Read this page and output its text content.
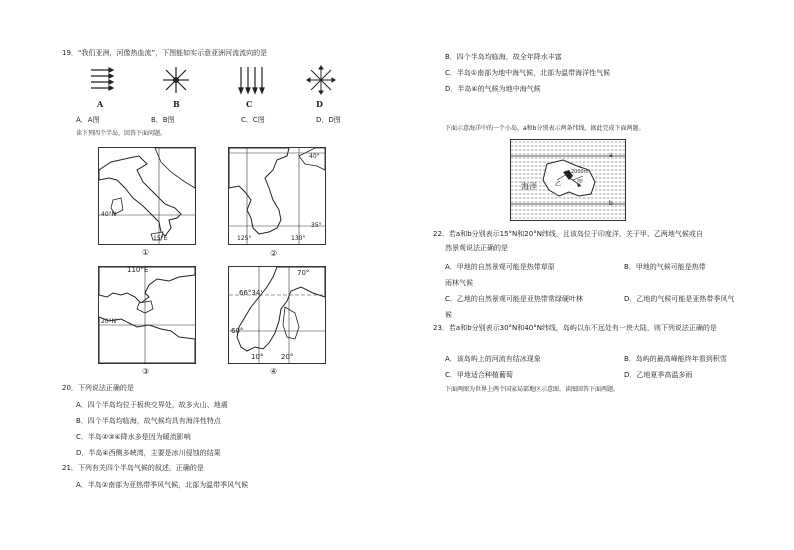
19．“我们亚洲，河像热血流”，下图能如实示意亚洲河流流向的是
A	B	C	D
A．A图	B．B图	C．C图	D．D图
读下列四个半岛，回答下面问题。
40°N
15°E
①
40°
35°
125°	130°
②
110°E
20°N
③
70°
66°34'
60°
10°	20°
④
20．下列说法正确的是
A．四个半岛均位于板块交界处，故多火山、地震
B．四个半岛均临海，故气候均具有海洋性特点
C．半岛②③④降水多是因为暖流影响
D．半岛④西侧多峡湾，主要是冰川侵蚀的结果
21．下列有关四个半岛气候的叙述，正确的是
A．半岛②南部为亚热带季风气候，北部为温带季风气候
B．四个半岛均临海，故全年降水丰富
C．半岛①南部为地中海气候，北部为温带海洋性气候
D．半岛④的气候为地中海气候
下面示意海洋中的一个小岛，a和b分别表示两条纬线。据此完成下面两题。
海洋
a
b
2000m
甲
乙
22．若a和b分别表示15°N和20°N纬线，且该岛位于印度洋，关于甲、乙两地气候或自
然景观说法正确的是
A．甲地的自然景观可能是热带草原	B．甲地的气候可能是热带
雨林气候
C．乙地的自然景观可能是亚热带常绿硬叶林	D．乙地的气候可能是亚热带季风气
候
23．若a和b分别表示30°N和40°N纬线，岛屿以东不远处有一块大陆，则下列说法正确的是
A．该岛屿上的河流有结冰现象	B．岛屿的最高峰能终年看到积雪
C．甲地适合种植葡萄	D．乙地夏季高温多雨
下面两图为世界上两个国家局部地区示意图。读图回答下面两题。
